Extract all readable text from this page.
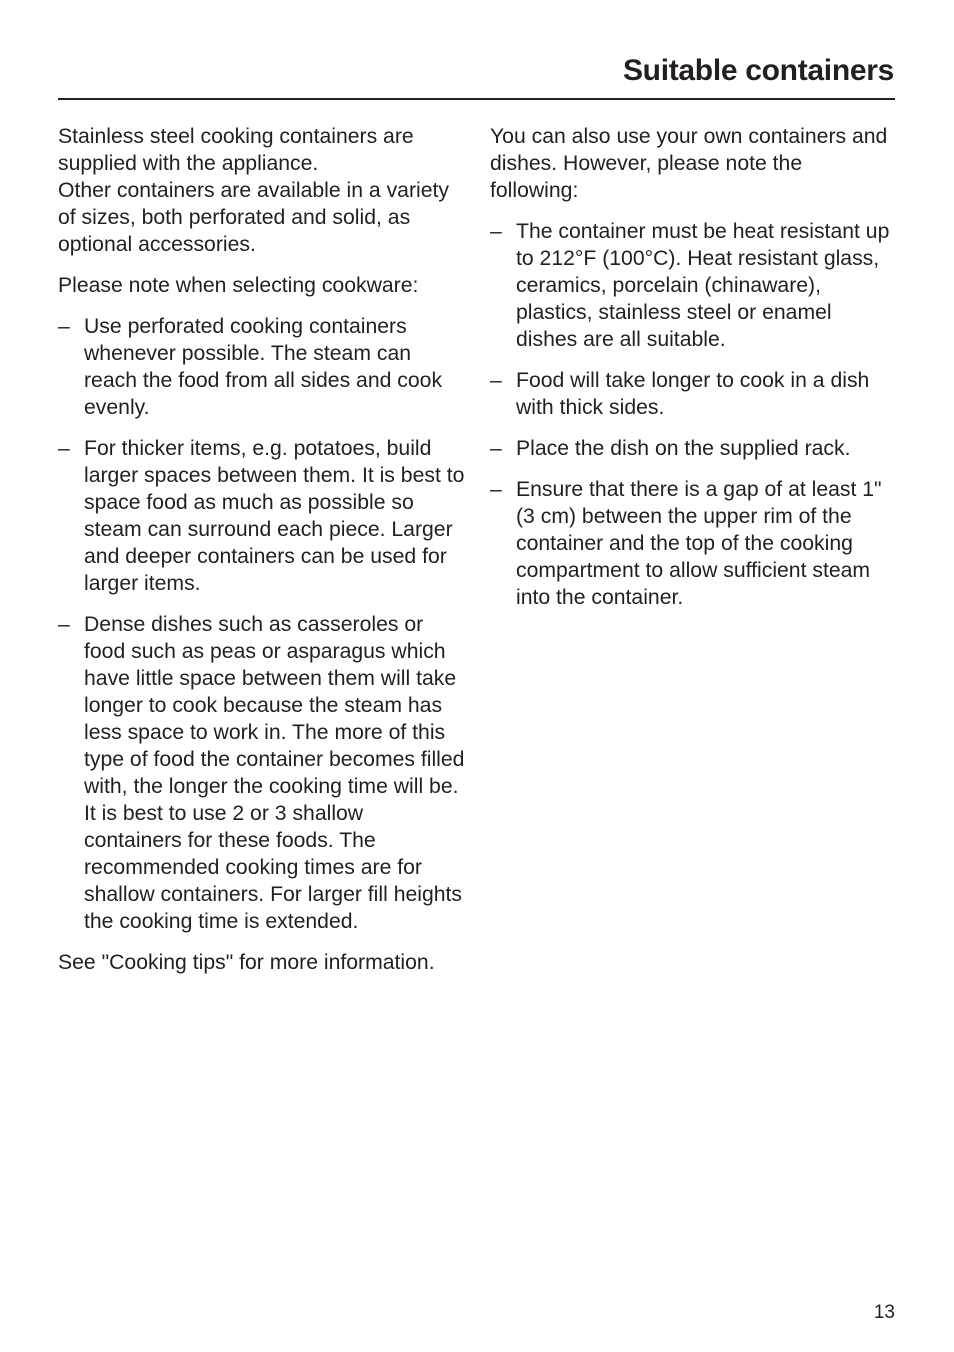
Suitable containers

Stainless steel cooking containers are supplied with the appliance.
Other containers are available in a variety of sizes, both perforated and solid, as optional accessories.

Please note when selecting cookware:

– Use perforated cooking containers whenever possible. The steam can reach the food from all sides and cook evenly.
– For thicker items, e.g. potatoes, build larger spaces between them. It is best to space food as much as possible so steam can surround each piece. Larger and deeper containers can be used for larger items.
– Dense dishes such as casseroles or food such as peas or asparagus which have little space between them will take longer to cook because the steam has less space to work in. The more of this type of food the container becomes filled with, the longer the cooking time will be. It is best to use 2 or 3 shallow containers for these foods. The recommended cooking times are for shallow containers. For larger fill heights the cooking time is extended.

See "Cooking tips" for more information.

You can also use your own containers and dishes. However, please note the following:

– The container must be heat resistant up to 212°F (100°C). Heat resistant glass, ceramics, porcelain (chinaware), plastics, stainless steel or enamel dishes are all suitable.
– Food will take longer to cook in a dish with thick sides.
– Place the dish on the supplied rack.
– Ensure that there is a gap of at least 1" (3 cm) between the upper rim of the container and the top of the cooking compartment to allow sufficient steam into the container.
13
